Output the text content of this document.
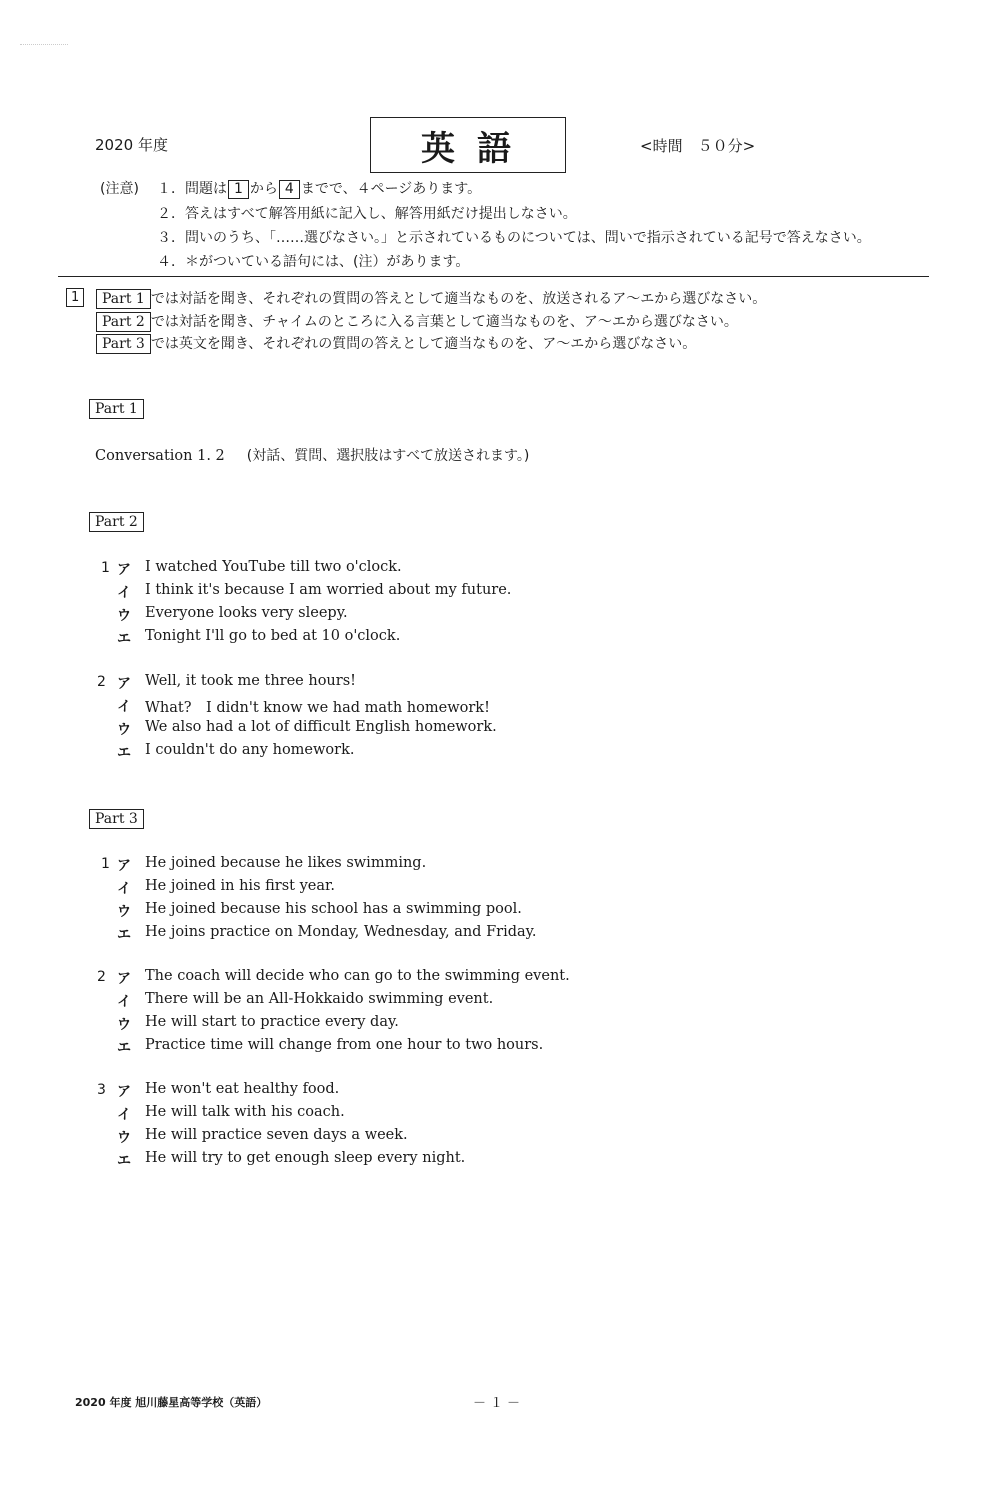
2020 年度	英語	<時間　５０分>
(注意) １．問題は 1 から 4 までで、４ページあります。
２．答えはすべて解答用紙に記入し、解答用紙だけ提出しなさい。
３．問いのうち、「……選びなさい。」と示されているものについては、問いで指示されている記号で答えなさい。
４．＊がついている語句には、(注）があります。
1	Part 1 では対話を聞き、それぞれの質問の答えとして適当なものを、放送されるア～エから選びなさい。
Part 2 では対話を聞き、チャイムのところに入る言葉として適当なものを、ア～エから選びなさい。
Part 3 では英文を聞き、それぞれの質問の答えとして適当なものを、ア～エから選びなさい。
Part 1
Conversation 1. 2 (対話、質問、選択肢はすべて放送されます。)
Part 2
1 ア I watched YouTube till two o'clock.
イ I think it's because I am worried about my future.
ウ Everyone looks very sleepy.
エ Tonight I'll go to bed at 10 o'clock.
2 ア Well, it took me three hours!
イ What?　I didn't know we had math homework!
ウ We also had a lot of difficult English homework.
エ I couldn't do any homework.
Part 3
1 ア He joined because he likes swimming.
イ He joined in his first year.
ウ He joined because his school has a swimming pool.
エ He joins practice on Monday, Wednesday, and Friday.
2 ア The coach will decide who can go to the swimming event.
イ There will be an All-Hokkaido swimming event.
ウ He will start to practice every day.
エ Practice time will change from one hour to two hours.
3 ア He won't eat healthy food.
イ He will talk with his coach.
ウ He will practice seven days a week.
エ He will try to get enough sleep every night.
2020 年度 旭川藤星高等学校（英語）	－１－
